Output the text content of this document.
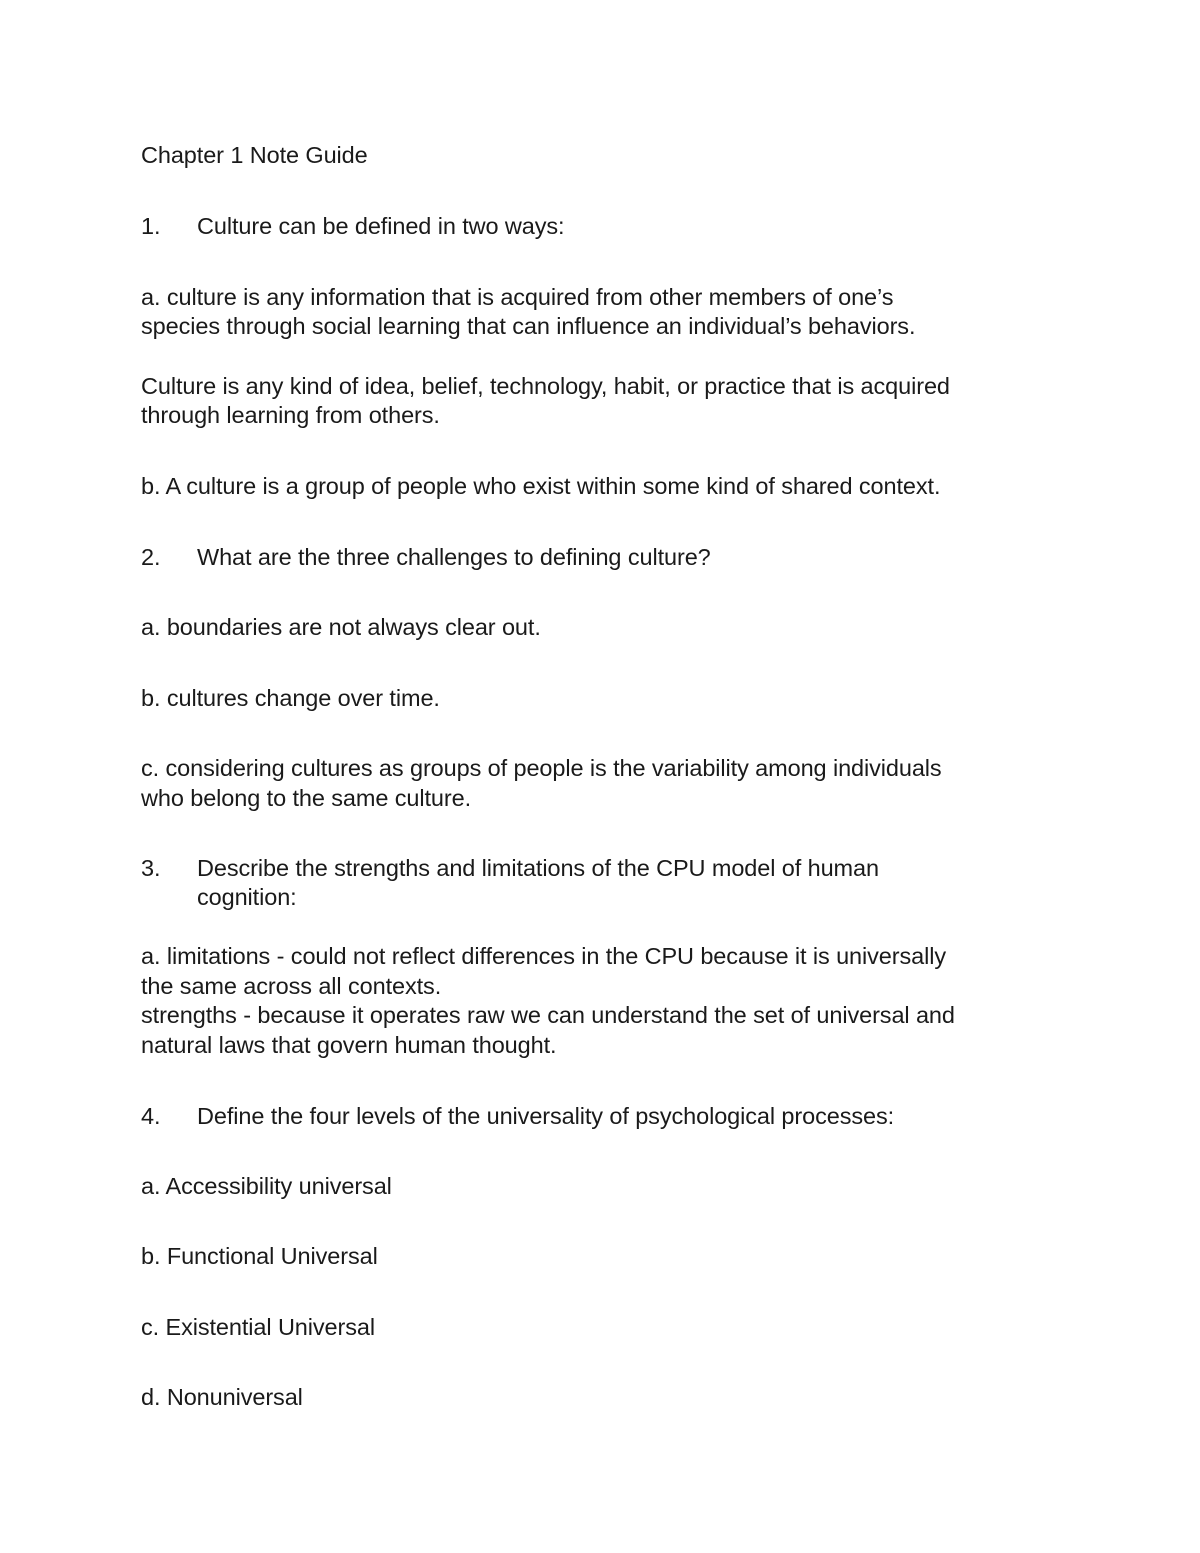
Chapter 1 Note Guide
1. Culture can be defined in two ways:
a. culture is any information that is acquired from other members of one’s
species through social learning that can influence an individual’s behaviors.
Culture is any kind of idea, belief, technology, habit, or practice that is acquired
through learning from others.
b. A culture is a group of people who exist within some kind of shared context.
2. What are the three challenges to defining culture?
a. boundaries are not always clear out.
b. cultures change over time.
c. considering cultures as groups of people is the variability among individuals
who belong to the same culture.
3. Describe the strengths and limitations of the CPU model of human
cognition:
a. limitations - could not reflect differences in the CPU because it is universally
the same across all contexts.
strengths - because it operates raw we can understand the set of universal and
natural laws that govern human thought.
4. Define the four levels of the universality of psychological processes:
a. Accessibility universal
b. Functional Universal
c. Existential Universal
d. Nonuniversal
